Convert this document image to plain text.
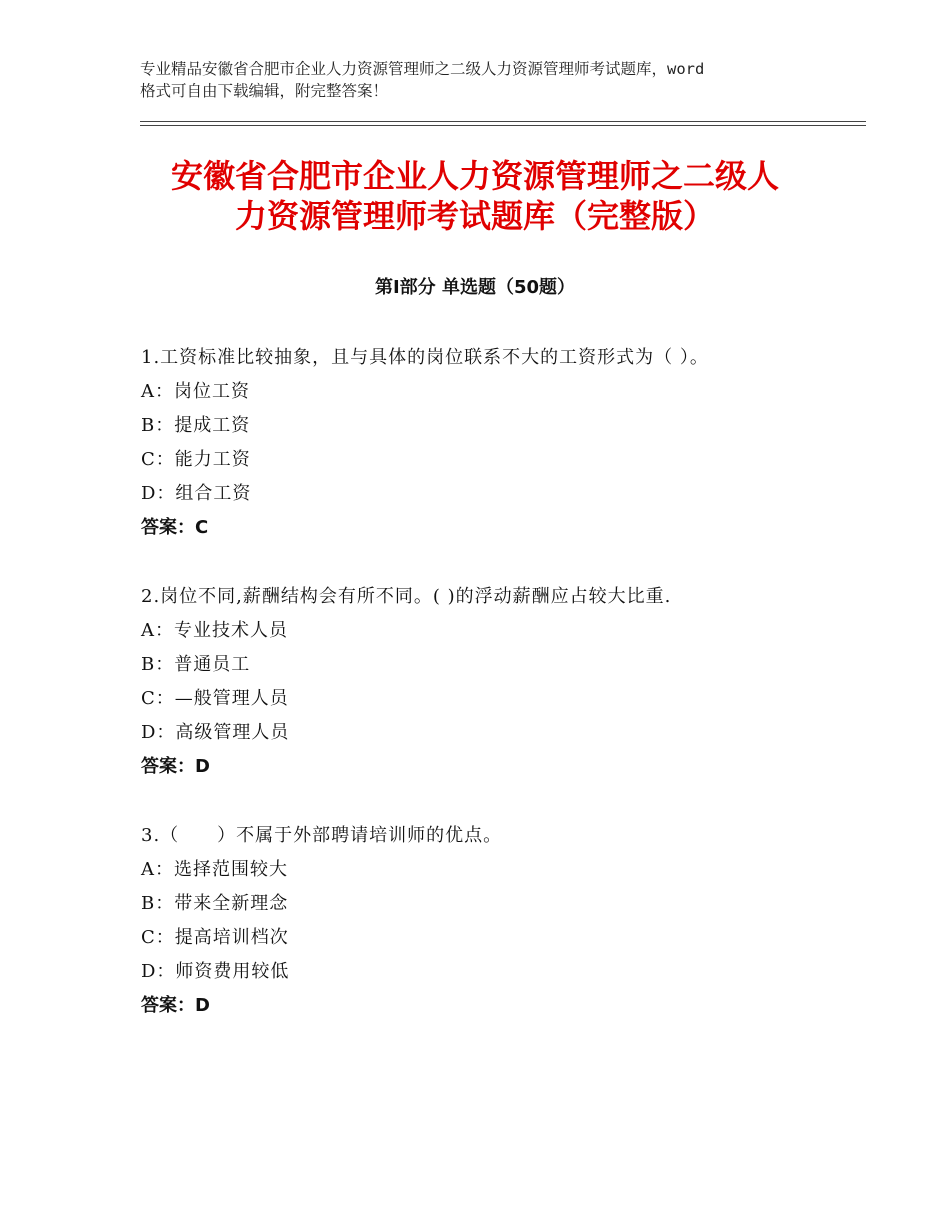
专业精品安徽省合肥市企业人力资源管理师之二级人力资源管理师考试题库，word
格式可自由下载编辑，附完整答案！
安徽省合肥市企业人力资源管理师之二级人
力资源管理师考试题库（完整版）
第Ⅰ部分 单选题（50题）
1.工资标准比较抽象，且与具体的岗位联系不大的工资形式为（ ）。
A：岗位工资
B：提成工资
C：能力工资
D：组合工资
答案：C
2.岗位不同,薪酬结构会有所不同。( )的浮动薪酬应占较大比重.
A：专业技术人员
B：普通员工
C：—般管理人员
D：高级管理人员
答案：D
3.（　　）不属于外部聘请培训师的优点。
A：选择范围较大
B：带来全新理念
C：提高培训档次
D：师资费用较低
答案：D
